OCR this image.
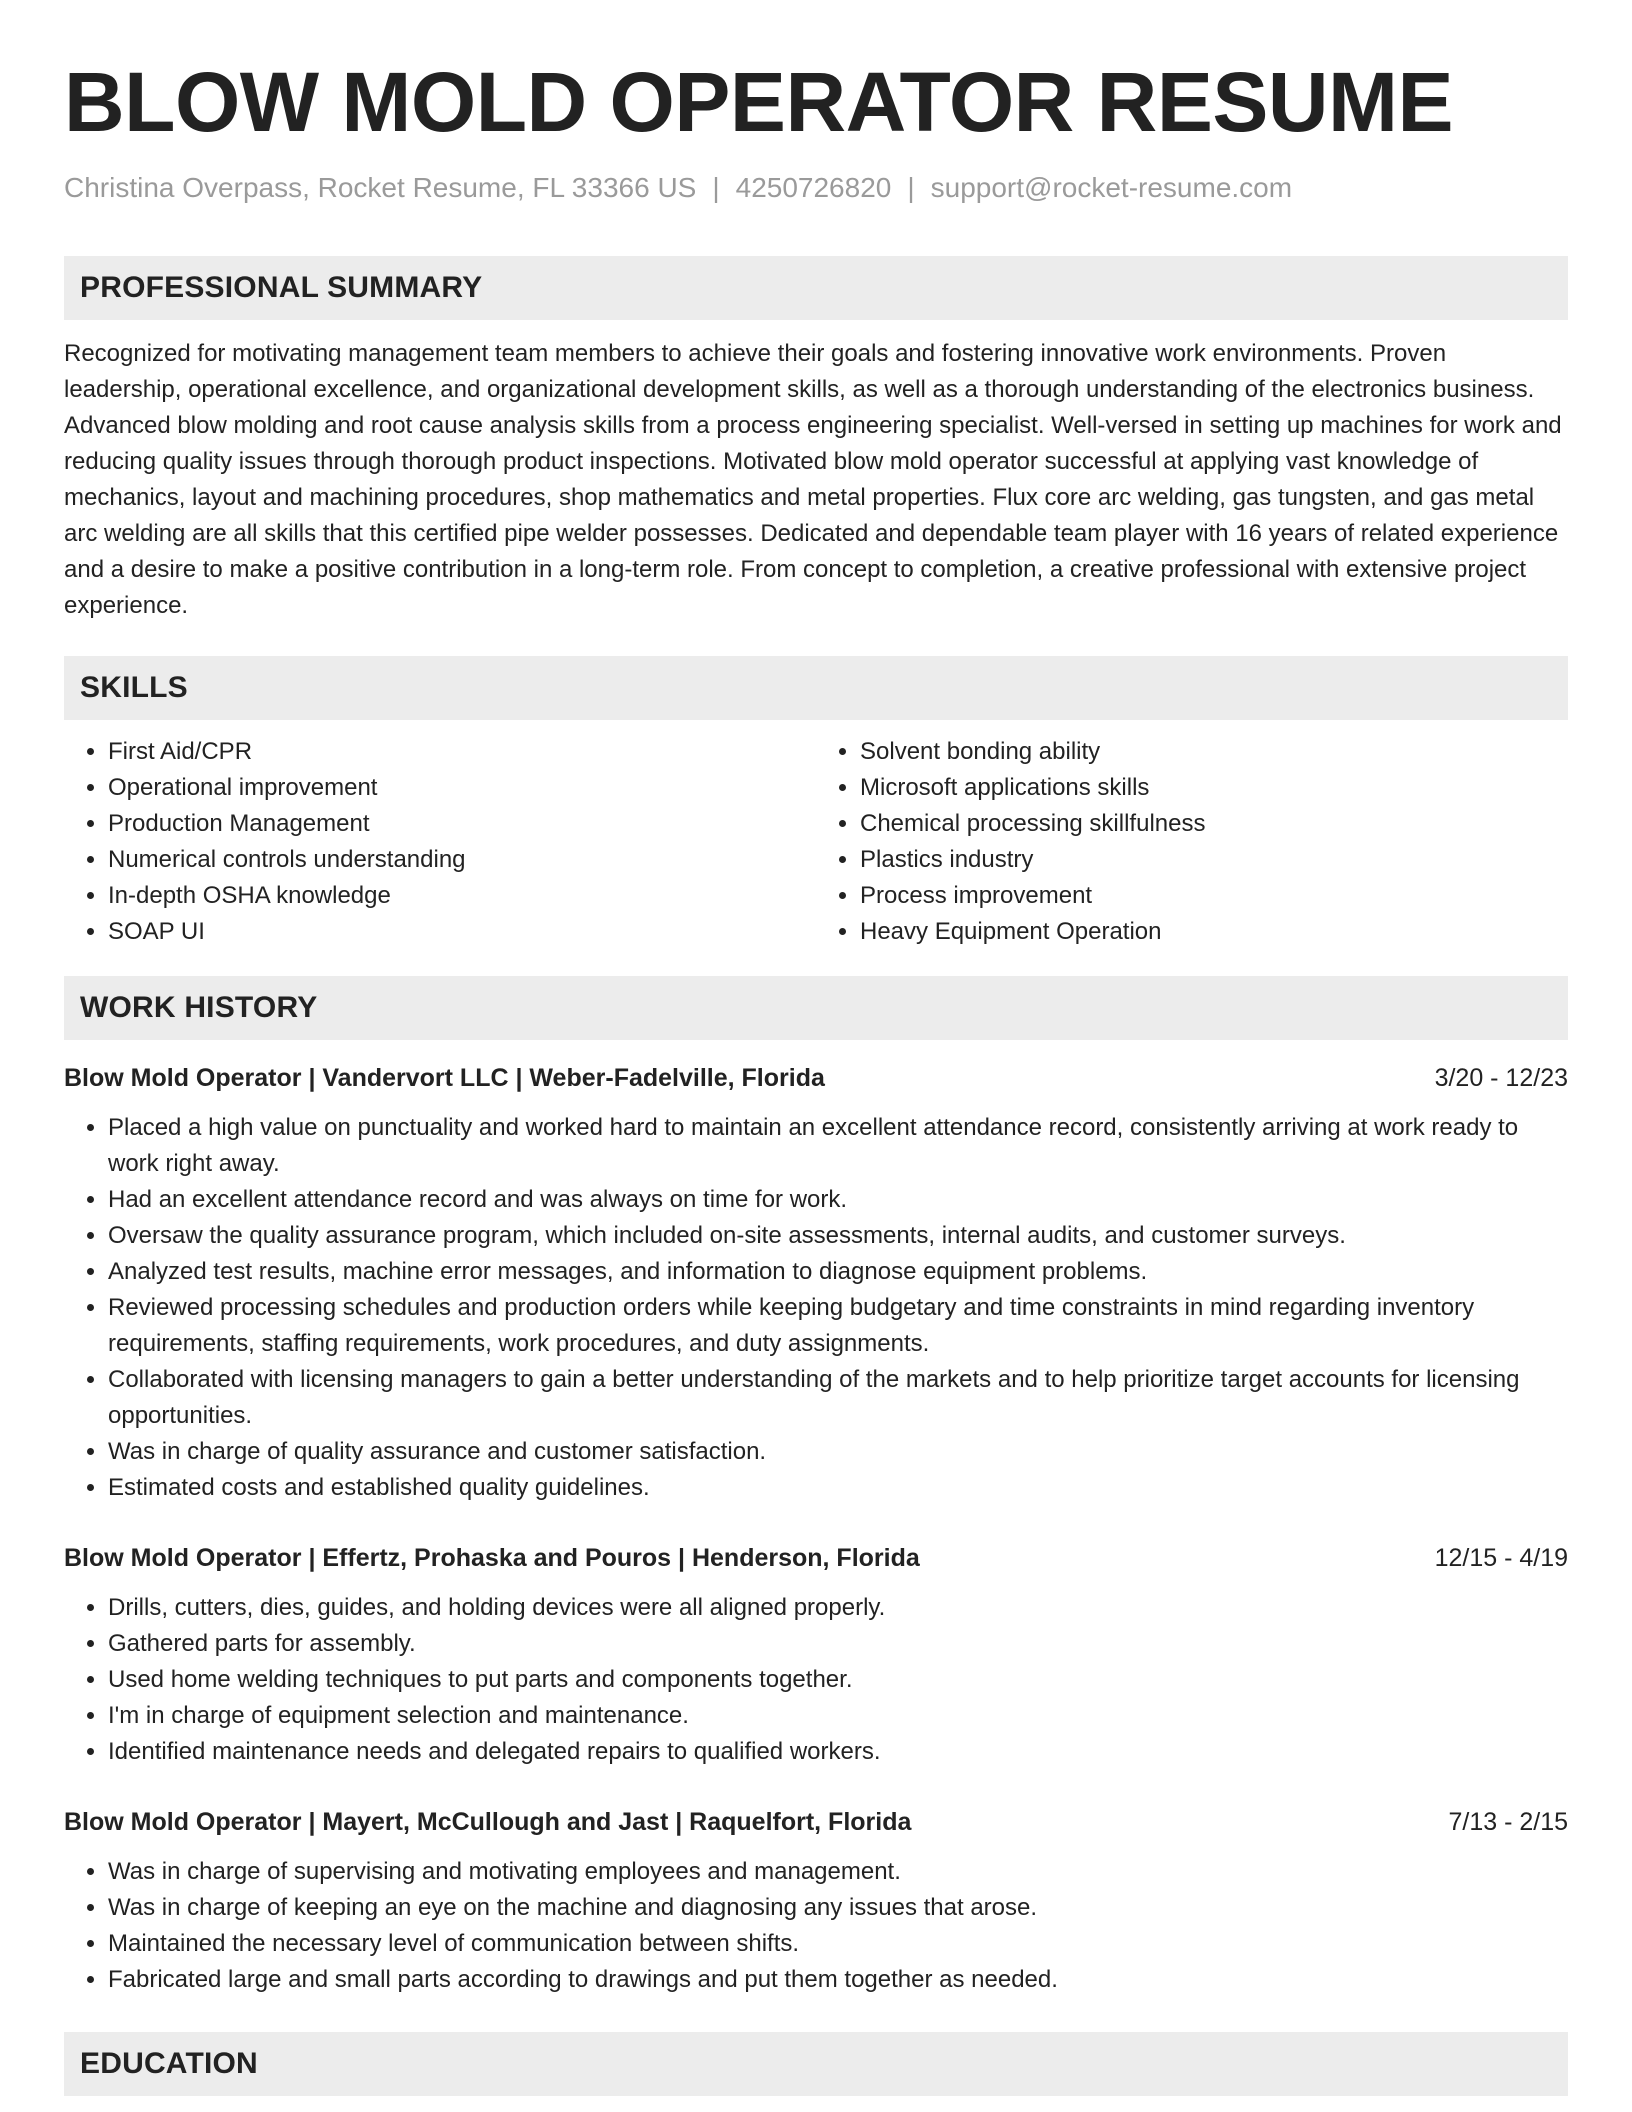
BLOW MOLD OPERATOR RESUME
Christina Overpass, Rocket Resume, FL 33366 US | 4250726820 | support@rocket-resume.com
PROFESSIONAL SUMMARY

Recognized for motivating management team members to achieve their goals and fostering innovative work environments. Proven leadership, operational excellence, and organizational development skills, as well as a thorough understanding of the electronics business. Advanced blow molding and root cause analysis skills from a process engineering specialist. Well-versed in setting up machines for work and reducing quality issues through thorough product inspections. Motivated blow mold operator successful at applying vast knowledge of mechanics, layout and machining procedures, shop mathematics and metal properties. Flux core arc welding, gas tungsten, and gas metal arc welding are all skills that this certified pipe welder possesses. Dedicated and dependable team player with 16 years of related experience and a desire to make a positive contribution in a long-term role. From concept to completion, a creative professional with extensive project experience.

SKILLS
• First Aid/CPR
• Operational improvement
• Production Management
• Numerical controls understanding
• In-depth OSHA knowledge
• SOAP UI
• Solvent bonding ability
• Microsoft applications skills
• Chemical processing skillfulness
• Plastics industry
• Process improvement
• Heavy Equipment Operation
WORK HISTORY
Blow Mold Operator | Vandervort LLC | Weber-Fadelville, Florida	3/20 - 12/23
• Placed a high value on punctuality and worked hard to maintain an excellent attendance record, consistently arriving at work ready to work right away.
• Had an excellent attendance record and was always on time for work.
• Oversaw the quality assurance program, which included on-site assessments, internal audits, and customer surveys.
• Analyzed test results, machine error messages, and information to diagnose equipment problems.
• Reviewed processing schedules and production orders while keeping budgetary and time constraints in mind regarding inventory requirements, staffing requirements, work procedures, and duty assignments.
• Collaborated with licensing managers to gain a better understanding of the markets and to help prioritize target accounts for licensing opportunities.
• Was in charge of quality assurance and customer satisfaction.
• Estimated costs and established quality guidelines.
Blow Mold Operator | Effertz, Prohaska and Pouros | Henderson, Florida	12/15 - 4/19
• Drills, cutters, dies, guides, and holding devices were all aligned properly.
• Gathered parts for assembly.
• Used home welding techniques to put parts and components together.
• I'm in charge of equipment selection and maintenance.
• Identified maintenance needs and delegated repairs to qualified workers.
Blow Mold Operator | Mayert, McCullough and Jast | Raquelfort, Florida	7/13 - 2/15
• Was in charge of supervising and motivating employees and management.
• Was in charge of keeping an eye on the machine and diagnosing any issues that arose.
• Maintained the necessary level of communication between shifts.
• Fabricated large and small parts according to drawings and put them together as needed.
EDUCATION
